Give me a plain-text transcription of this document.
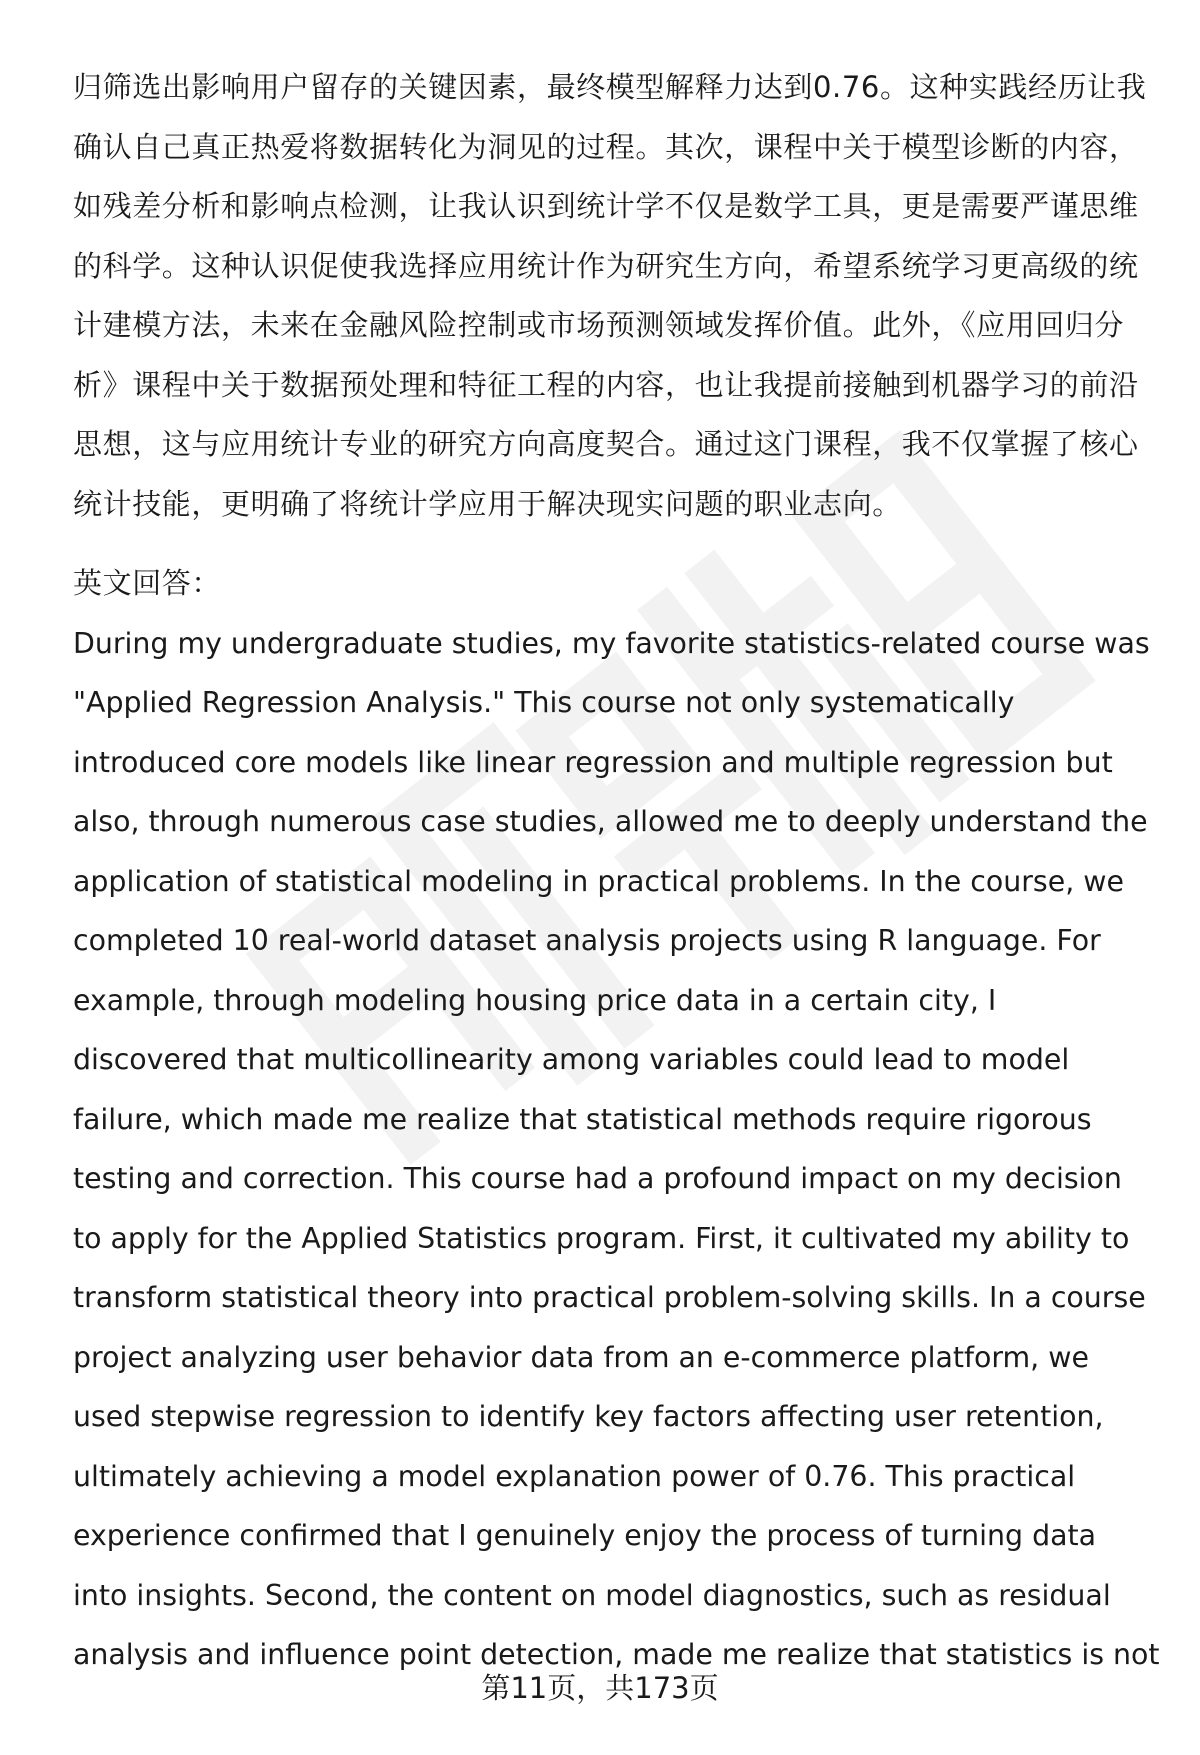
归筛选出影响用户留存的关键因素，最终模型解释力达到0.76。这种实践经历让我
确认自己真正热爱将数据转化为洞见的过程。其次，课程中关于模型诊断的内容，
如残差分析和影响点检测，让我认识到统计学不仅是数学工具，更是需要严谨思维
的科学。这种认识促使我选择应用统计作为研究生方向，希望系统学习更高级的统
计建模方法，未来在金融风险控制或市场预测领域发挥价值。此外，《应用回归分
析》课程中关于数据预处理和特征工程的内容，也让我提前接触到机器学习的前沿
思想，这与应用统计专业的研究方向高度契合。通过这门课程，我不仅掌握了核心
统计技能，更明确了将统计学应用于解决现实问题的职业志向。
英文回答：
During my undergraduate studies, my favorite statistics-related course was
"Applied Regression Analysis." This course not only systematically
introduced core models like linear regression and multiple regression but
also, through numerous case studies, allowed me to deeply understand the
application of statistical modeling in practical problems. In the course, we
completed 10 real-world dataset analysis projects using R language. For
example, through modeling housing price data in a certain city, I
discovered that multicollinearity among variables could lead to model
failure, which made me realize that statistical methods require rigorous
testing and correction. This course had a profound impact on my decision
to apply for the Applied Statistics program. First, it cultivated my ability to
transform statistical theory into practical problem-solving skills. In a course
project analyzing user behavior data from an e-commerce platform, we
used stepwise regression to identify key factors affecting user retention,
ultimately achieving a model explanation power of 0.76. This practical
experience confirmed that I genuinely enjoy the process of turning data
into insights. Second, the content on model diagnostics, such as residual
analysis and influence point detection, made me realize that statistics is not
第11页，共173页
